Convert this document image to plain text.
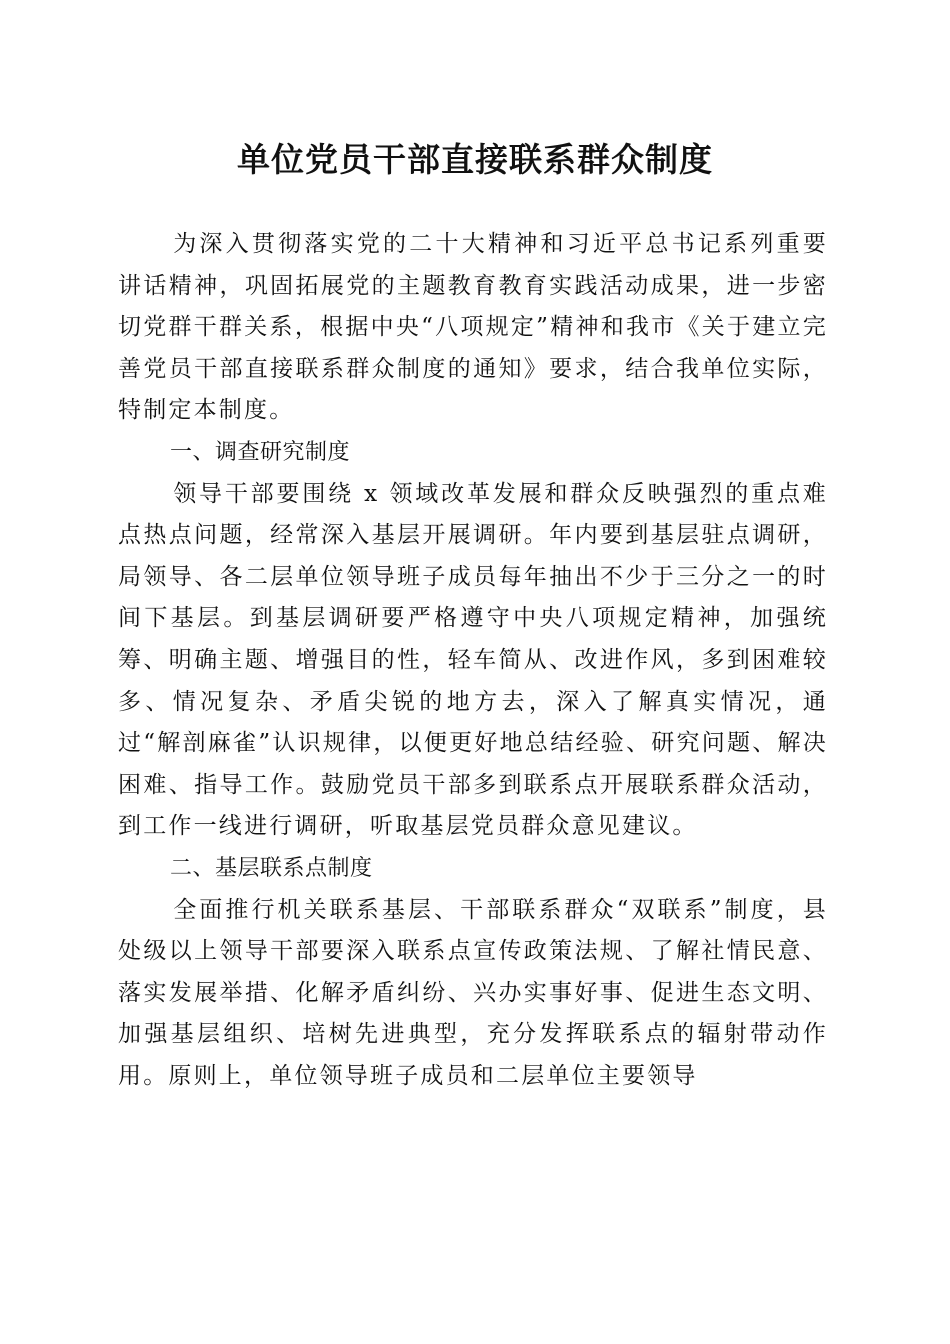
单位党员干部直接联系群众制度

为深入贯彻落实党的二十大精神和习近平总书记系列重要讲话精神，巩固拓展党的主题教育教育实践活动成果，进一步密切党群干群关系，根据中央“八项规定”精神和我市《关于建立完善党员干部直接联系群众制度的通知》要求，结合我单位实际，特制定本制度。

一、调查研究制度

领导干部要围绕 x 领域改革发展和群众反映强烈的重点难点热点问题，经常深入基层开展调研。年内要到基层驻点调研，局领导、各二层单位领导班子成员每年抽出不少于三分之一的时间下基层。到基层调研要严格遵守中央八项规定精神，加强统筹、明确主题、增强目的性，轻车简从、改进作风，多到困难较多、情况复杂、矛盾尖锐的地方去，深入了解真实情况，通过“解剖麻雀”认识规律，以便更好地总结经验、研究问题、解决困难、指导工作。鼓励党员干部多到联系点开展联系群众活动，到工作一线进行调研，听取基层党员群众意见建议。

二、基层联系点制度

全面推行机关联系基层、干部联系群众“双联系”制度，县处级以上领导干部要深入联系点宣传政策法规、了解社情民意、落实发展举措、化解矛盾纠纷、兴办实事好事、促进生态文明、加强基层组织、培树先进典型，充分发挥联系点的辐射带动作用。原则上，单位领导班子成员和二层单位主要领导
